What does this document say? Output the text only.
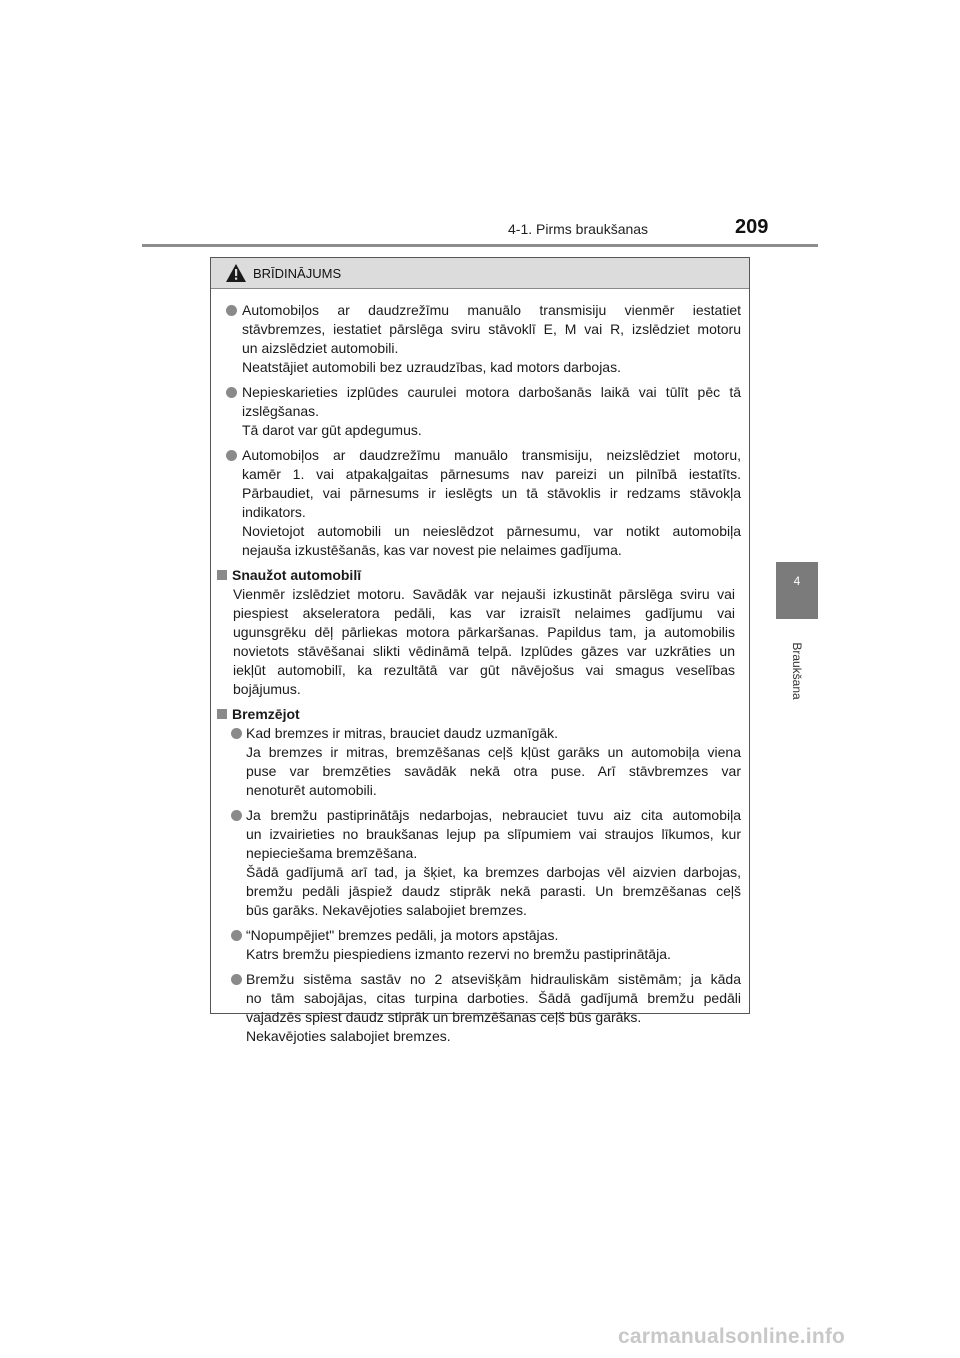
4-1. Pirms braukšanas	209
4
Braukšana
BRĪDINĀJUMS
Automobiļos ar daudzrežīmu manuālo transmisiju vienmēr iestatiet
stāvbremzes, iestatiet pārslēga sviru stāvoklī E, M vai R, izslēdziet motoru
un aizslēdziet automobili.
Neatstājiet automobili bez uzraudzības, kad motors darbojas.
Nepieskarieties izplūdes caurulei motora darbošanās laikā vai tūlīt pēc tā
izslēgšanas.
Tā darot var gūt apdegumus.
Automobiļos ar daudzrežīmu manuālo transmisiju, neizslēdziet motoru,
kamēr 1. vai atpakaļgaitas pārnesums nav pareizi un pilnībā iestatīts.
Pārbaudiet, vai pārnesums ir ieslēgts un tā stāvoklis ir redzams stāvokļa
indikators.
Novietojot automobili un neieslēdzot pārnesumu, var notikt automobiļa
nejauša izkustēšanās, kas var novest pie nelaimes gadījuma.
Snaužot automobilī
Vienmēr izslēdziet motoru. Savādāk var nejauši izkustināt pārslēga sviru vai
piespiest akseleratora pedāli, kas var izraisīt nelaimes gadījumu vai
ugunsgrēku dēļ pārliekas motora pārkaršanas. Papildus tam, ja automobilis
novietots stāvēšanai slikti vēdināmā telpā. Izplūdes gāzes var uzkrāties un
iekļūt automobilī, ka rezultātā var gūt nāvējošus vai smagus veselības
bojājumus.
Bremzējot
Kad bremzes ir mitras, brauciet daudz uzmanīgāk.
Ja bremzes ir mitras, bremzēšanas ceļš kļūst garāks un automobiļa viena
puse var bremzēties savādāk nekā otra puse. Arī stāvbremzes var
nenoturēt automobili.
Ja bremžu pastiprinātājs nedarbojas, nebrauciet tuvu aiz cita automobiļa
un izvairieties no braukšanas lejup pa slīpumiem vai straujos līkumos, kur
nepieciešama bremzēšana.
Šādā gadījumā arī tad, ja šķiet, ka bremzes darbojas vēl aizvien darbojas,
bremžu pedāli jāspiež daudz stiprāk nekā parasti. Un bremzēšanas ceļš
būs garāks. Nekavējoties salabojiet bremzes.
“Nopumpējiet" bremzes pedāli, ja motors apstājas.
Katrs bremžu piespiediens izmanto rezervi no bremžu pastiprinātāja.
Bremžu sistēma sastāv no 2 atsevišķām hidrauliskām sistēmām; ja kāda
no tām sabojājas, citas turpina darboties. Šādā gadījumā bremžu pedāli
vajadzēs spiest daudz stiprāk un bremzēšanas ceļš būs garāks.
Nekavējoties salabojiet bremzes.
carmanualsonline.info
